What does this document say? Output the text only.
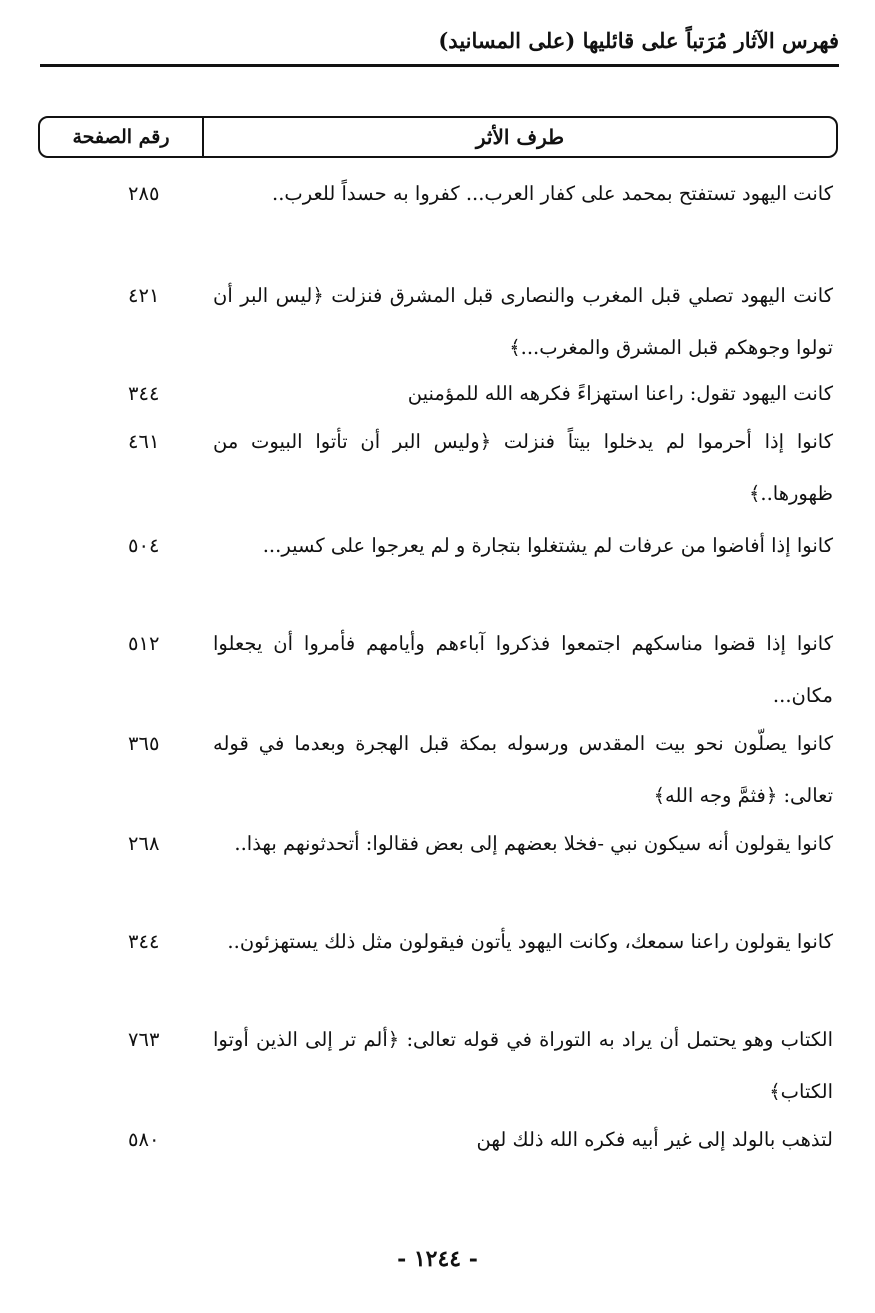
فهرس الآثار مُرَتباً على قائليها (على المسانيد)
طرف الأثر
رقم الصفحة
كانت اليهود تستفتح بمحمد على كفار العرب... كفروا به حسداً للعرب..
٢٨٥
كانت اليهود تصلي قبل المغرب والنصارى قبل المشرق فنزلت ﴿ليس البر أن تولوا وجوهكم قبل المشرق والمغرب...﴾
٤٢١
كانت اليهود تقول: راعنا استهزاءً فكرهه الله للمؤمنين
٣٤٤
كانوا إذا أحرموا لم يدخلوا بيتاً فنزلت ﴿وليس البر أن تأتوا البيوت من ظهورها..﴾
٤٦١
كانوا إذا أفاضوا من عرفات لم يشتغلوا بتجارة و لم يعرجوا على كسير...
٥٠٤
كانوا إذا قضوا مناسكهم اجتمعوا فذكروا آباءهم وأيامهم فأمروا أن يجعلوا مكان...
٥١٢
كانوا يصلّون نحو بيت المقدس ورسوله بمكة قبل الهجرة وبعدما في قوله تعالى: ﴿فثمَّ وجه الله﴾
٣٦٥
كانوا يقولون أنه سيكون نبي -فخلا بعضهم إلى بعض فقالوا: أتحدثونهم بهذا..
٢٦٨
كانوا يقولون راعنا سمعك، وكانت اليهود يأتون فيقولون مثل ذلك يستهزئون..
٣٤٤
الكتاب وهو يحتمل أن يراد به التوراة في قوله تعالى: ﴿ألم تر إلى الذين أوتوا الكتاب﴾
٧٦٣
لتذهب بالولد إلى غير أبيه فكره الله ذلك لهن
٥٨٠
- ١٢٤٤ -
